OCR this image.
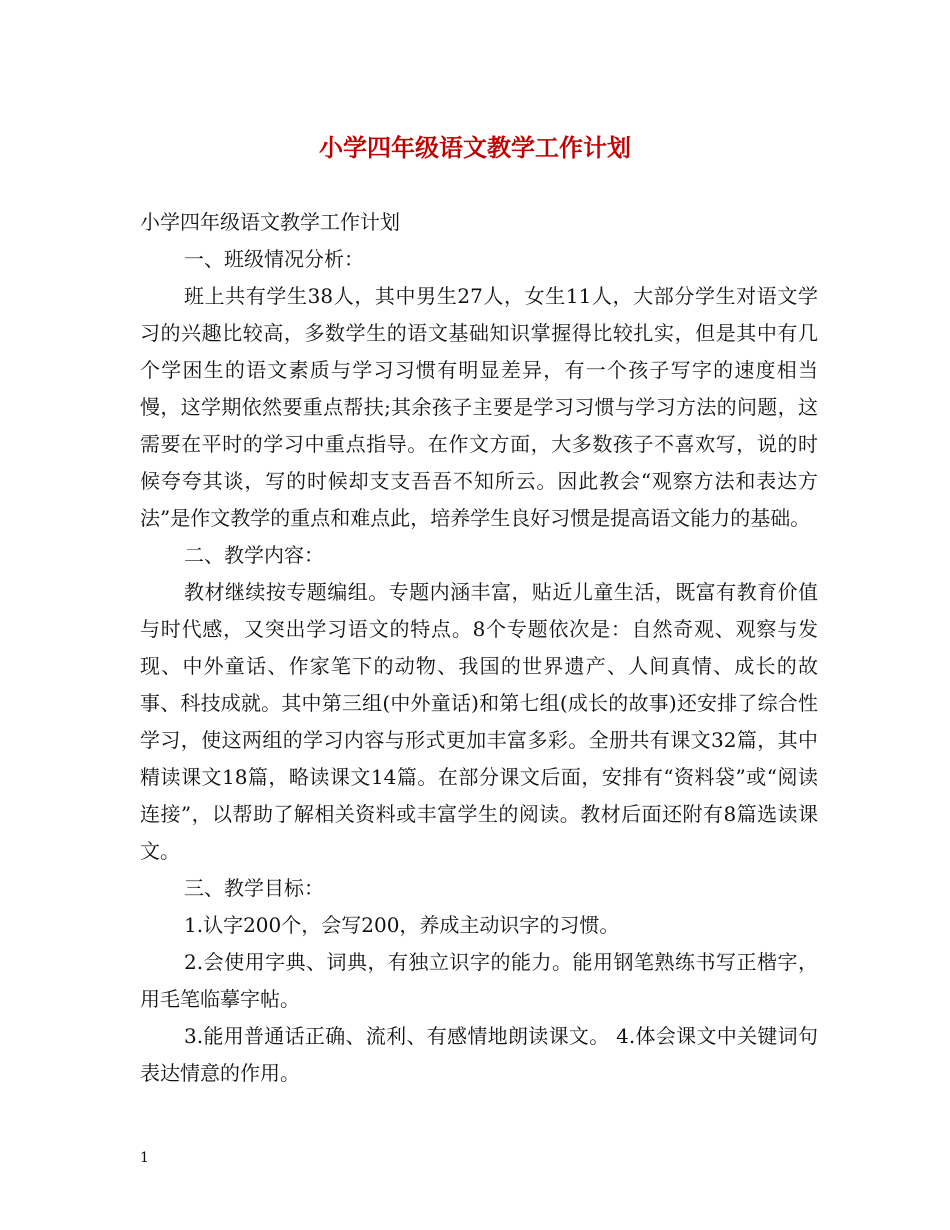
小学四年级语文教学工作计划

小学四年级语文教学工作计划

一、班级情况分析：

班上共有学生38人，其中男生27人，女生11人，大部分学生对语文学习的兴趣比较高，多数学生的语文基础知识掌握得比较扎实，但是其中有几个学困生的语文素质与学习习惯有明显差异，有一个孩子写字的速度相当慢，这学期依然要重点帮扶;其余孩子主要是学习习惯与学习方法的问题，这需要在平时的学习中重点指导。在作文方面，大多数孩子不喜欢写，说的时候夸夸其谈，写的时候却支支吾吾不知所云。因此教会“观察方法和表达方法”是作文教学的重点和难点此，培养学生良好习惯是提高语文能力的基础。

二、教学内容：

教材继续按专题编组。专题内涵丰富，贴近儿童生活，既富有教育价值与时代感，又突出学习语文的特点。8个专题依次是：自然奇观、观察与发现、中外童话、作家笔下的动物、我国的世界遗产、人间真情、成长的故事、科技成就。其中第三组(中外童话)和第七组(成长的故事)还安排了综合性学习，使这两组的学习内容与形式更加丰富多彩。全册共有课文32篇，其中精读课文18篇，略读课文14篇。在部分课文后面，安排有“资料袋”或“阅读连接”，以帮助了解相关资料或丰富学生的阅读。教材后面还附有8篇选读课文。

三、教学目标：

1.认字200个，会写200，养成主动识字的习惯。

2.会使用字典、词典，有独立识字的能力。能用钢笔熟练书写正楷字，用毛笔临摹字帖。

3.能用普通话正确、流利、有感情地朗读课文。 4.体会课文中关键词句表达情意的作用。

1
